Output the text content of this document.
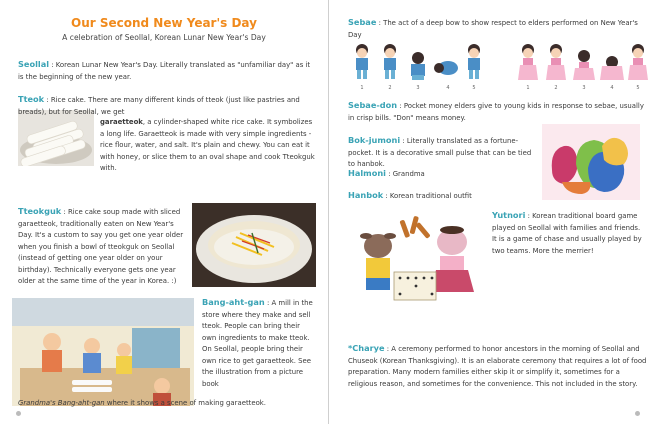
Our Second New Year's Day
A celebration of Seollal, Korean Lunar New Year's Day

Seollal : Korean Lunar New Year's Day. Literally translated as "unfamiliar day" as it is the beginning of the new year.

Tteok : Rice cake. There are many different kinds of tteok (just like pastries and breads), but for Seollal, we get

garaetteok, a cylinder-shaped white rice cake. It symbolizes a long life. Garaetteok is made with very simple ingredients - rice flour, water, and salt. It's plain and chewy. You can eat it with honey, or slice them to an oval shape and cook Tteokguk with.

Tteokguk : Rice cake soup made with sliced garaetteok, traditionally eaten on New Year's Day. It's a custom to say you get one year older when you finish a bowl of tteokguk on Seollal (instead of getting one year older on your birthday). Technically everyone gets one year older at the same time of the year in Korea. :)

Bang-aht-gan : A mill in the store where they make and sell tteok. People can bring their own ingredients to make tteok. On Seollal, people bring their own rice to get garaetteok. See the illustration from a picture book

Grandma's Bang-aht-gan where it shows a scene of making garaetteok.

Sebae : The act of a deep bow to show respect to elders performed on New Year's Day

1	2	3	4	5	1	2	3	4	5

Sebae-don : Pocket money elders give to young kids in response to sebae, usually in crisp bills. "Don" means money.

Bok-jumoni : Literally translated as a fortune-pocket. It is a decorative small pulse that can be tied to hanbok.

Halmoni : Grandma

Hanbok : Korean traditional outfit

Yutnori : Korean traditional board game played on Seollal with families and friends. It is a game of chase and usually played by two teams. More the merrier!

*Charye : A ceremony performed to honor ancestors in the morning of Seollal and Chuseok (Korean Thanksgiving). It is an elaborate ceremony that requires a lot of food preparation. Many modern families either skip it or simplify it, sometimes for a religious reason, and sometimes for the convenience. This not included in the story.
